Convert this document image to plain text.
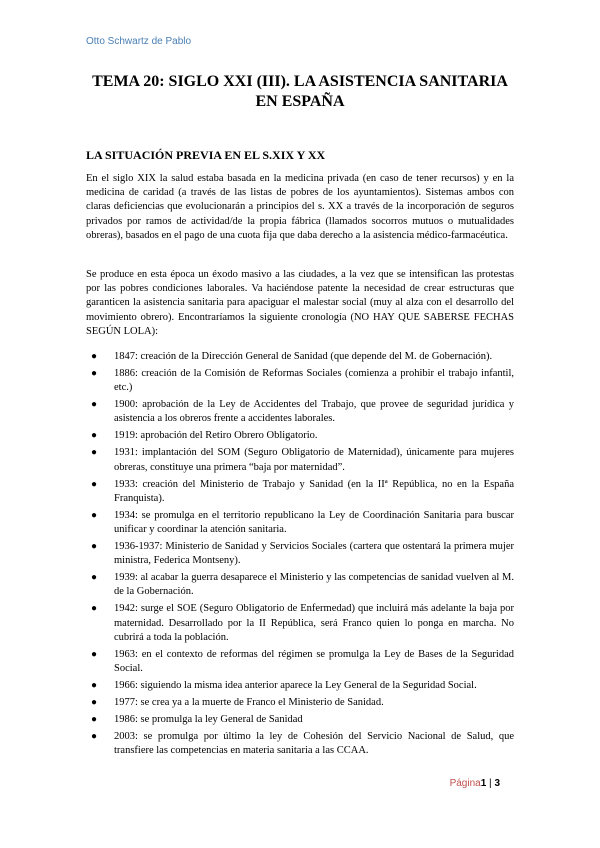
Otto Schwartz de Pablo
TEMA 20: SIGLO XXI (III). LA ASISTENCIA SANITARIA EN ESPAÑA
LA SITUACIÓN PREVIA EN EL S.XIX Y XX

En el siglo XIX la salud estaba basada en la medicina privada (en caso de tener recursos) y en la medicina de caridad (a través de las listas de pobres de los ayuntamientos). Sistemas ambos con claras deficiencias que evolucionarán a principios del s. XX a través de la incorporación de seguros privados por ramos de actividad/de la propia fábrica (llamados socorros mutuos o mutualidades obreras), basados en el pago de una cuota fija que daba derecho a la asistencia médico-farmacéutica.

Se produce en esta época un éxodo masivo a las ciudades, a la vez que se intensifican las protestas por las pobres condiciones laborales. Va haciéndose patente la necesidad de crear estructuras que garanticen la asistencia sanitaria para apaciguar el malestar social (muy al alza con el desarrollo del movimiento obrero). Encontraríamos la siguiente cronología (NO HAY QUE SABERSE FECHAS SEGÚN LOLA):

● 1847: creación de la Dirección General de Sanidad (que depende del M. de Gobernación).
● 1886: creación de la Comisión de Reformas Sociales (comienza a prohibir el trabajo infantil, etc.)
● 1900: aprobación de la Ley de Accidentes del Trabajo, que provee de seguridad jurídica y asistencia a los obreros frente a accidentes laborales.
● 1919: aprobación del Retiro Obrero Obligatorio.
● 1931: implantación del SOM (Seguro Obligatorio de Maternidad), únicamente para mujeres obreras, constituye una primera “baja por maternidad”.
● 1933: creación del Ministerio de Trabajo y Sanidad (en la IIª República, no en la España Franquista).
● 1934: se promulga en el territorio republicano la Ley de Coordinación Sanitaria para buscar unificar y coordinar la atención sanitaria.
● 1936-1937: Ministerio de Sanidad y Servicios Sociales (cartera que ostentará la primera mujer ministra, Federica Montseny).
● 1939: al acabar la guerra desaparece el Ministerio y las competencias de sanidad vuelven al M. de la Gobernación.
● 1942: surge el SOE (Seguro Obligatorio de Enfermedad) que incluirá más adelante la baja por maternidad. Desarrollado por la II República, será Franco quien lo ponga en marcha. No cubrirá a toda la población.
● 1963: en el contexto de reformas del régimen se promulga la Ley de Bases de la Seguridad Social.
● 1966: siguiendo la misma idea anterior aparece la Ley General de la Seguridad Social.
● 1977: se crea ya a la muerte de Franco el Ministerio de Sanidad.
● 1986: se promulga la ley General de Sanidad
● 2003: se promulga por último la ley de Cohesión del Servicio Nacional de Salud, que transfiere las competencias en materia sanitaria a las CCAA.
Página1 | 3
